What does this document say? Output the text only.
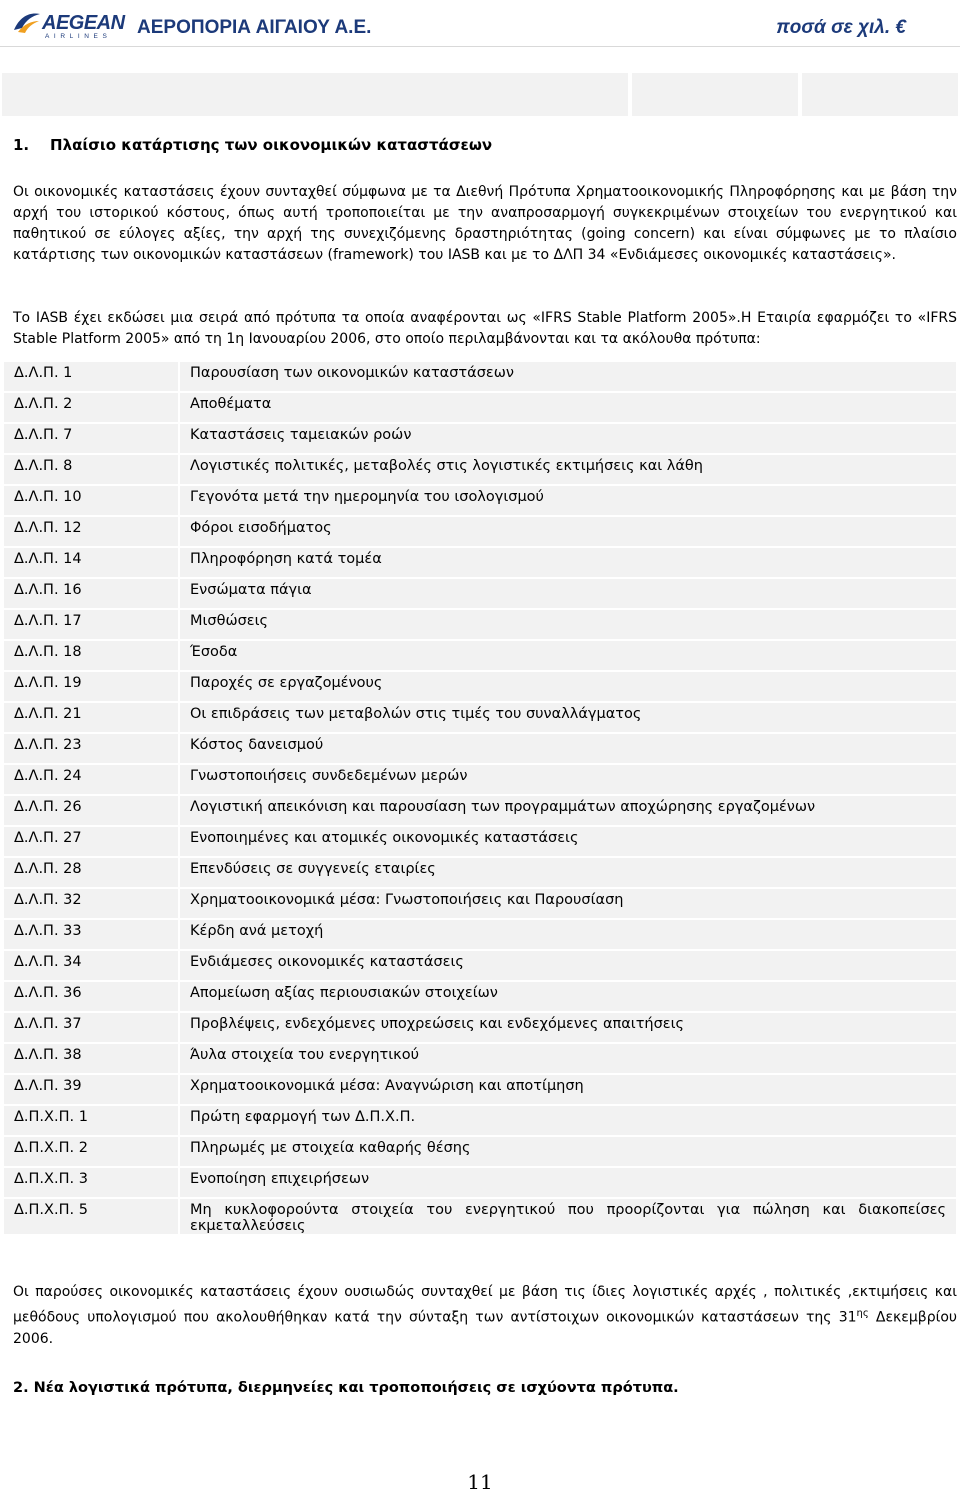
AEGEAN
AIRLINES ΑΕΡΟΠΟΡΙΑ ΑΙΓΑΙΟΥ Α.Ε.	ποσά σε χιλ. €
1. Πλαίσιο κατάρτισης των οικονομικών καταστάσεων

Οι οικονομικές καταστάσεις έχουν συνταχθεί σύμφωνα με τα Διεθνή Πρότυπα Χρηματοοικονομικής Πληροφόρησης και με βάση την αρχή του ιστορικού κόστους, όπως αυτή τροποποιείται με την αναπροσαρμογή συγκεκριμένων στοιχείων του ενεργητικού και παθητικού σε εύλογες αξίες, την αρχή της συνεχιζόμενης δραστηριότητας (going concern) και είναι σύμφωνες με το πλαίσιο κατάρτισης των οικονομικών καταστάσεων (framework) του IASB και με το ΔΛΠ 34 «Ενδιάμεσες οικονομικές καταστάσεις».

Το IASB έχει εκδώσει μια σειρά από πρότυπα τα οποία αναφέρονται ως «IFRS Stable Platform 2005».Η Εταιρία εφαρμόζει το «IFRS Stable Platform 2005» από τη 1η Ιανουαρίου 2006, στο οποίο περιλαμβάνονται και τα ακόλουθα πρότυπα:

Δ.Λ.Π. 1	Παρουσίαση των οικονομικών καταστάσεων
Δ.Λ.Π. 2	Αποθέματα
Δ.Λ.Π. 7	Καταστάσεις ταμειακών ροών
Δ.Λ.Π. 8	Λογιστικές πολιτικές, μεταβολές στις λογιστικές εκτιμήσεις και λάθη
Δ.Λ.Π. 10	Γεγονότα μετά την ημερομηνία του ισολογισμού
Δ.Λ.Π. 12	Φόροι εισοδήματος
Δ.Λ.Π. 14	Πληροφόρηση κατά τομέα
Δ.Λ.Π. 16	Ενσώματα πάγια
Δ.Λ.Π. 17	Μισθώσεις
Δ.Λ.Π. 18	Έσοδα
Δ.Λ.Π. 19	Παροχές σε εργαζομένους
Δ.Λ.Π. 21	Οι επιδράσεις των μεταβολών στις τιμές του συναλλάγματος
Δ.Λ.Π. 23	Κόστος δανεισμού
Δ.Λ.Π. 24	Γνωστοποιήσεις συνδεδεμένων μερών
Δ.Λ.Π. 26	Λογιστική απεικόνιση και παρουσίαση των προγραμμάτων αποχώρησης εργαζομένων
Δ.Λ.Π. 27	Ενοποιημένες και ατομικές οικονομικές καταστάσεις
Δ.Λ.Π. 28	Επενδύσεις σε συγγενείς εταιρίες
Δ.Λ.Π. 32	Χρηματοοικονομικά μέσα: Γνωστοποιήσεις και Παρουσίαση
Δ.Λ.Π. 33	Κέρδη ανά μετοχή
Δ.Λ.Π. 34	Ενδιάμεσες οικονομικές καταστάσεις
Δ.Λ.Π. 36	Απομείωση αξίας περιουσιακών στοιχείων
Δ.Λ.Π. 37	Προβλέψεις, ενδεχόμενες υποχρεώσεις και ενδεχόμενες απαιτήσεις
Δ.Λ.Π. 38	Άυλα στοιχεία του ενεργητικού
Δ.Λ.Π. 39	Χρηματοοικονομικά μέσα: Αναγνώριση και αποτίμηση
Δ.Π.Χ.Π. 1	Πρώτη εφαρμογή των Δ.Π.Χ.Π.
Δ.Π.Χ.Π. 2	Πληρωμές με στοιχεία καθαρής θέσης
Δ.Π.Χ.Π. 3	Ενοποίηση επιχειρήσεων
Δ.Π.Χ.Π. 5	Μη κυκλοφορούντα στοιχεία του ενεργητικού που προορίζονται για πώληση και διακοπείσες εκμεταλλεύσεις

Οι παρούσες οικονομικές καταστάσεις έχουν ουσιωδώς συνταχθεί με βάση τις ίδιες λογιστικές αρχές , πολιτικές ,εκτιμήσεις και μεθόδους υπολογισμού που ακολουθήθηκαν κατά την σύνταξη των αντίστοιχων οικονομικών καταστάσεων της $31^{\eta\varsigma}$ Δεκεμβρίου 2006.

2. Νέα λογιστικά πρότυπα, διερμηνείες και τροποποιήσεις σε ισχύοντα πρότυπα.
11
